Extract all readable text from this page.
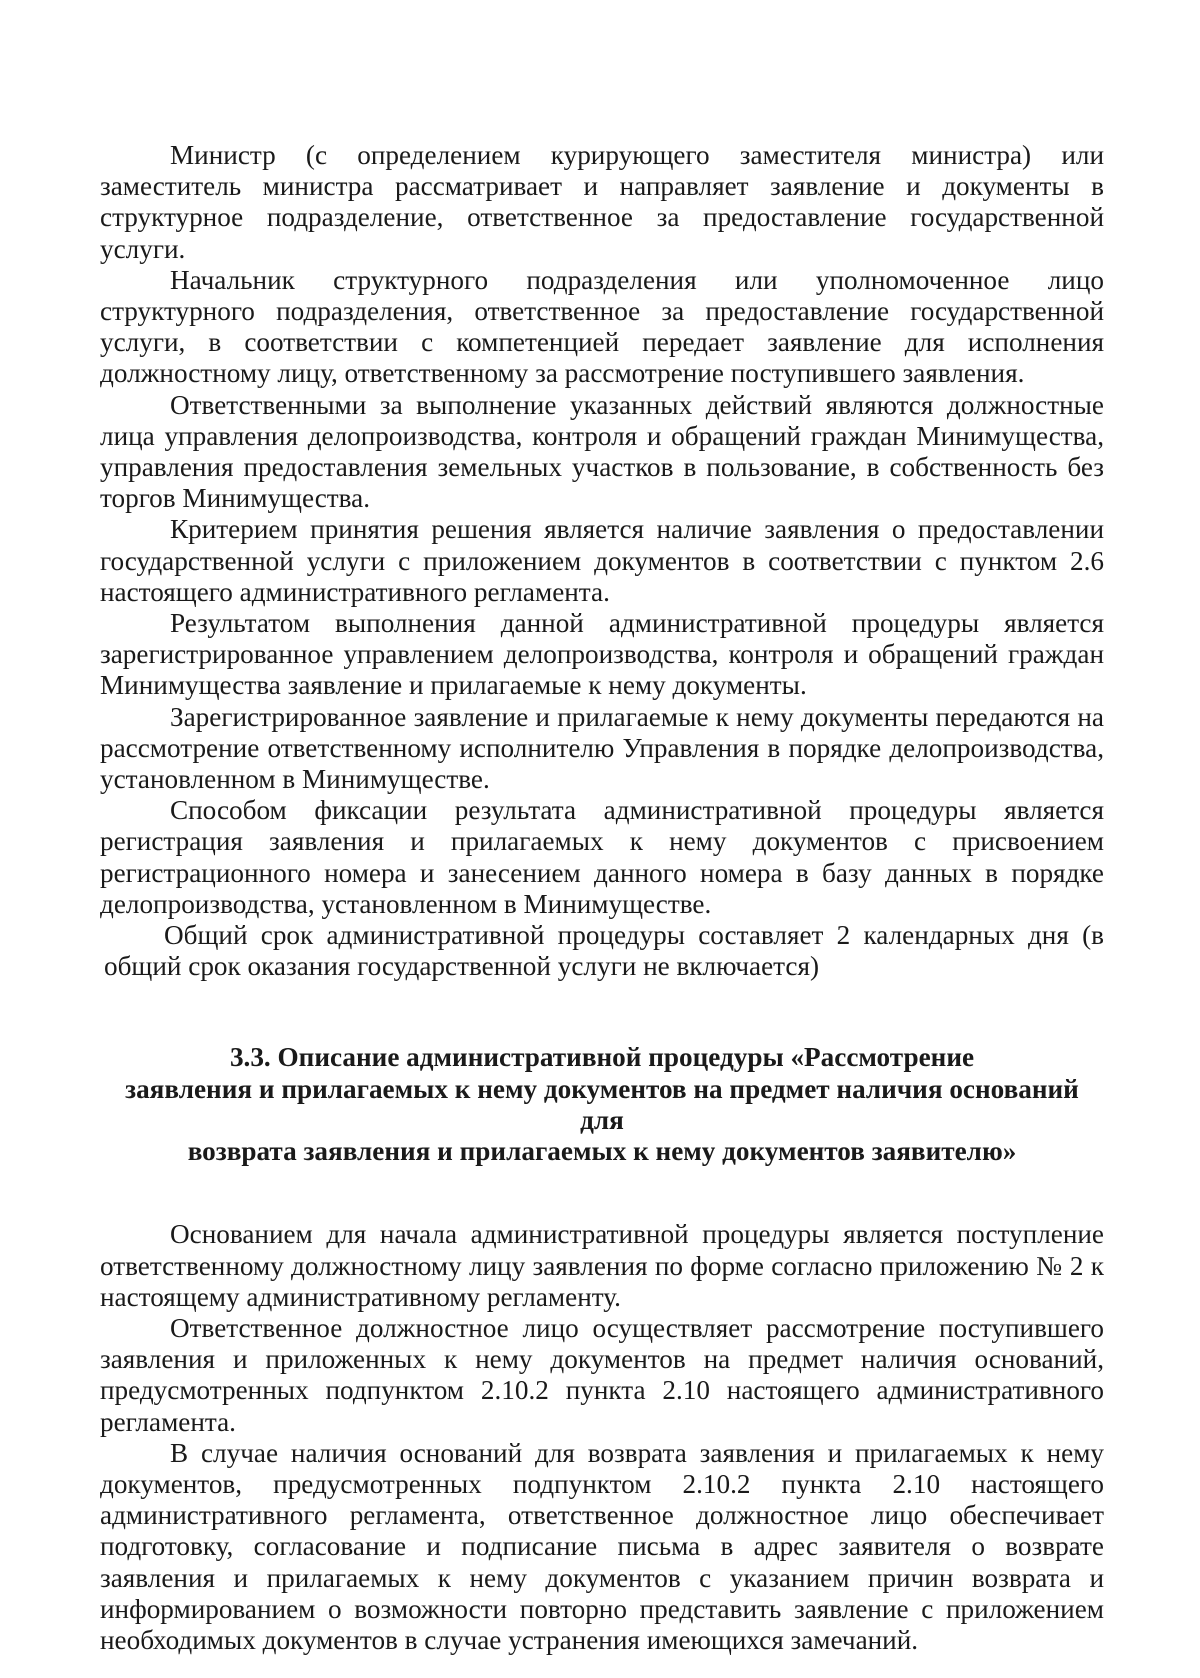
Министр (с определением курирующего заместителя министра) или заместитель министра рассматривает и направляет заявление и документы в структурное подразделение, ответственное за предоставление государственной услуги.

Начальник структурного подразделения или уполномоченное лицо структурного подразделения, ответственное за предоставление государственной услуги, в соответствии с компетенцией передает заявление для исполнения должностному лицу, ответственному за рассмотрение поступившего заявления.

Ответственными за выполнение указанных действий являются должностные лица управления делопроизводства, контроля и обращений граждан Минимущества, управления предоставления земельных участков в пользование, в собственность без торгов Минимущества.

Критерием принятия решения является наличие заявления о предоставлении государственной услуги с приложением документов в соответствии с пунктом 2.6 настоящего административного регламента.

Результатом выполнения данной административной процедуры является зарегистрированное управлением делопроизводства, контроля и обращений граждан Минимущества заявление и прилагаемые к нему документы.

Зарегистрированное заявление и прилагаемые к нему документы передаются на рассмотрение ответственному исполнителю Управления в порядке делопроизводства, установленном в Минимуществе.

Способом фиксации результата административной процедуры является регистрация заявления и прилагаемых к нему документов с присвоением регистрационного номера и занесением данного номера в базу данных в порядке делопроизводства, установленном в Минимуществе.

Общий срок административной процедуры составляет 2 календарных дня (в общий срок оказания государственной услуги не включается)

3.3. Описание административной процедуры «Рассмотрение
заявления и прилагаемых к нему документов на предмет наличия оснований для
возврата заявления и прилагаемых к нему документов заявителю»

Основанием для начала административной процедуры является поступление ответственному должностному лицу заявления по форме согласно приложению № 2 к настоящему административному регламенту.

Ответственное должностное лицо осуществляет рассмотрение поступившего заявления и приложенных к нему документов на предмет наличия оснований, предусмотренных подпунктом 2.10.2 пункта 2.10 настоящего административного регламента.

В случае наличия оснований для возврата заявления и прилагаемых к нему документов, предусмотренных подпунктом 2.10.2 пункта 2.10 настоящего административного регламента, ответственное должностное лицо обеспечивает подготовку, согласование и подписание письма в адрес заявителя о возврате заявления и прилагаемых к нему документов с указанием причин возврата и информированием о возможности повторно представить заявление с приложением необходимых документов в случае устранения имеющихся замечаний.
